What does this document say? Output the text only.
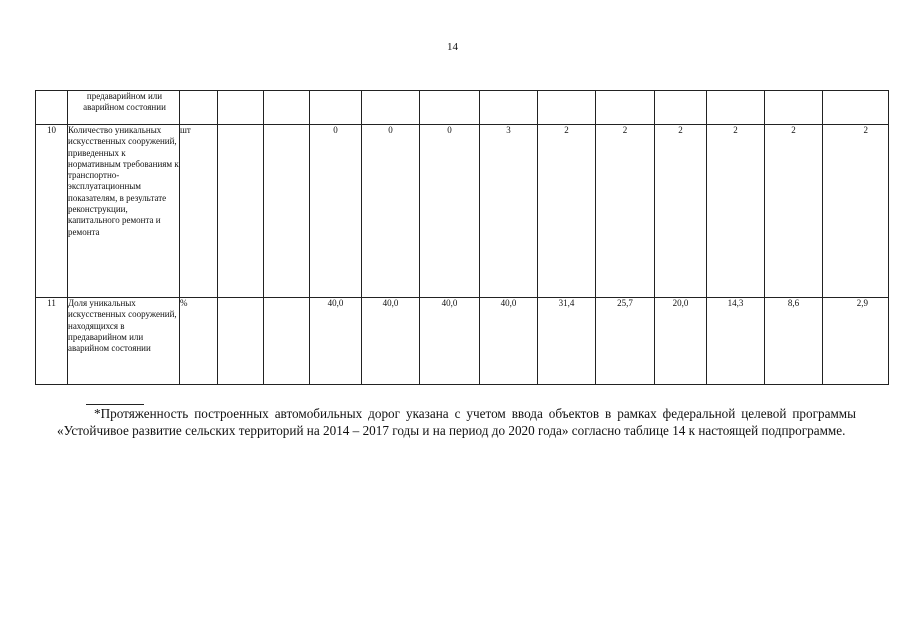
14
	предаварийном или аварийном состоянии													
10	Количество уникальных искусственных сооружений, приведенных к нормативным требованиям к транспортно-эксплуатационным показателям, в результате реконструкции, капитального ремонта и ремонта	шт			0	0	0	3	2	2	2	2	2	2
11	Доля уникальных искусственных сооружений, находящихся в предаварийном или аварийном состоянии	%			40,0	40,0	40,0	40,0	31,4	25,7	20,0	14,3	8,6	2,9
*Протяженность построенных автомобильных дорог указана с учетом ввода объектов в рамках федеральной целевой программы «Устойчивое развитие сельских территорий на 2014 – 2017 годы и на период до 2020 года» согласно таблице 14 к настоящей подпрограмме.
